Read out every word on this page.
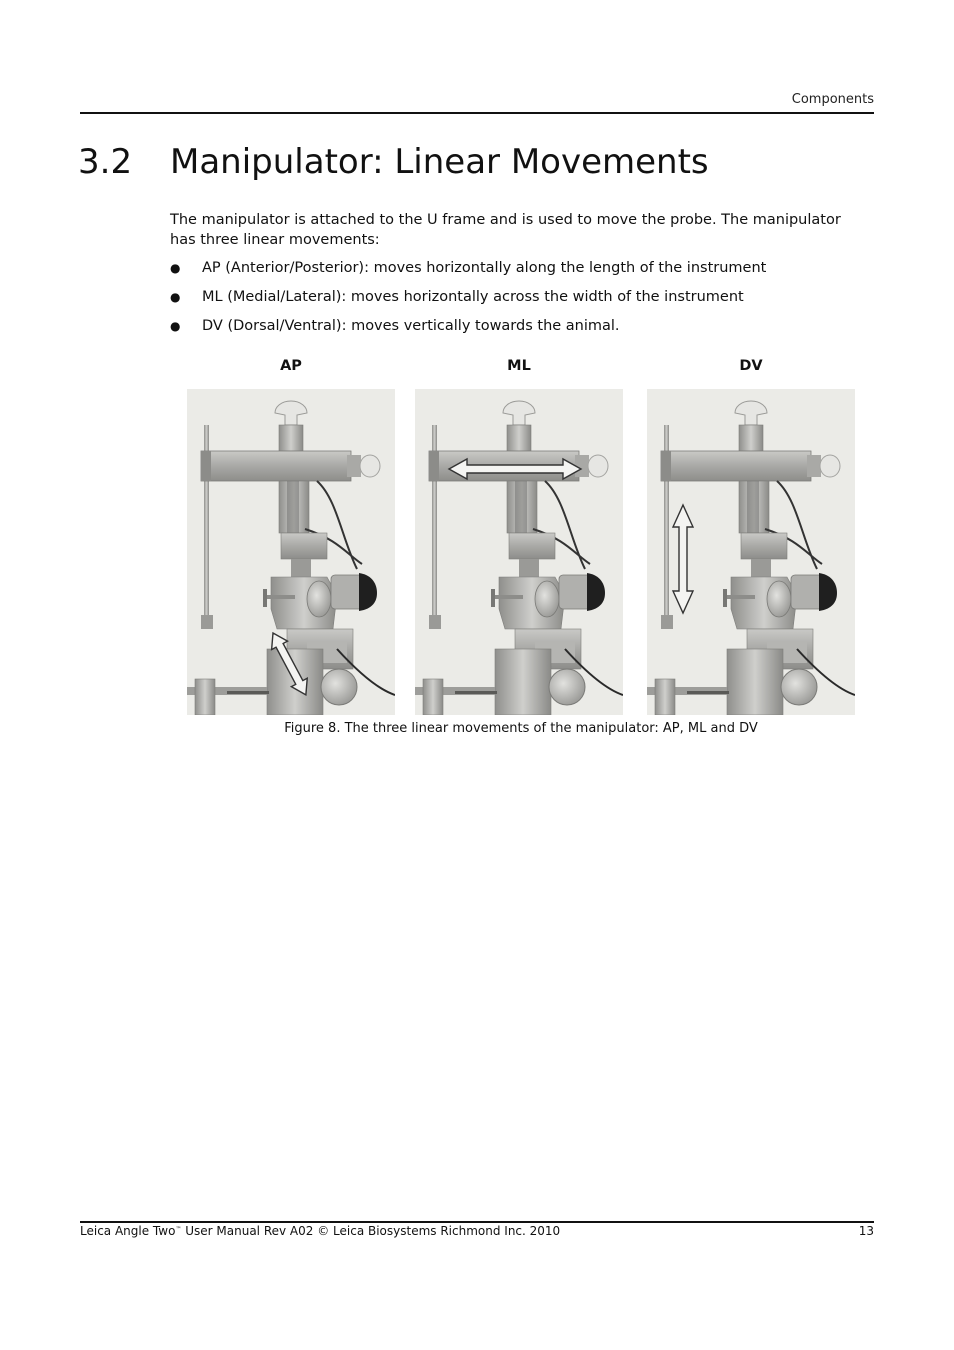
Components
3.2	Manipulator: Linear Movements

The manipulator is attached to the U frame and is used to move the probe. The manipulator has three linear movements:

●	AP (Anterior/Posterior): moves horizontally along the length of the instrument
●	ML (Medial/Lateral): moves horizontally across the width of the instrument
●	DV (Dorsal/Ventral): moves vertically towards the animal.
AP	ML	DV
Figure 8. The three linear movements of the manipulator: AP, ML and DV
Leica Angle Two™ User Manual Rev A02 © Leica Biosystems Richmond Inc. 2010	13
